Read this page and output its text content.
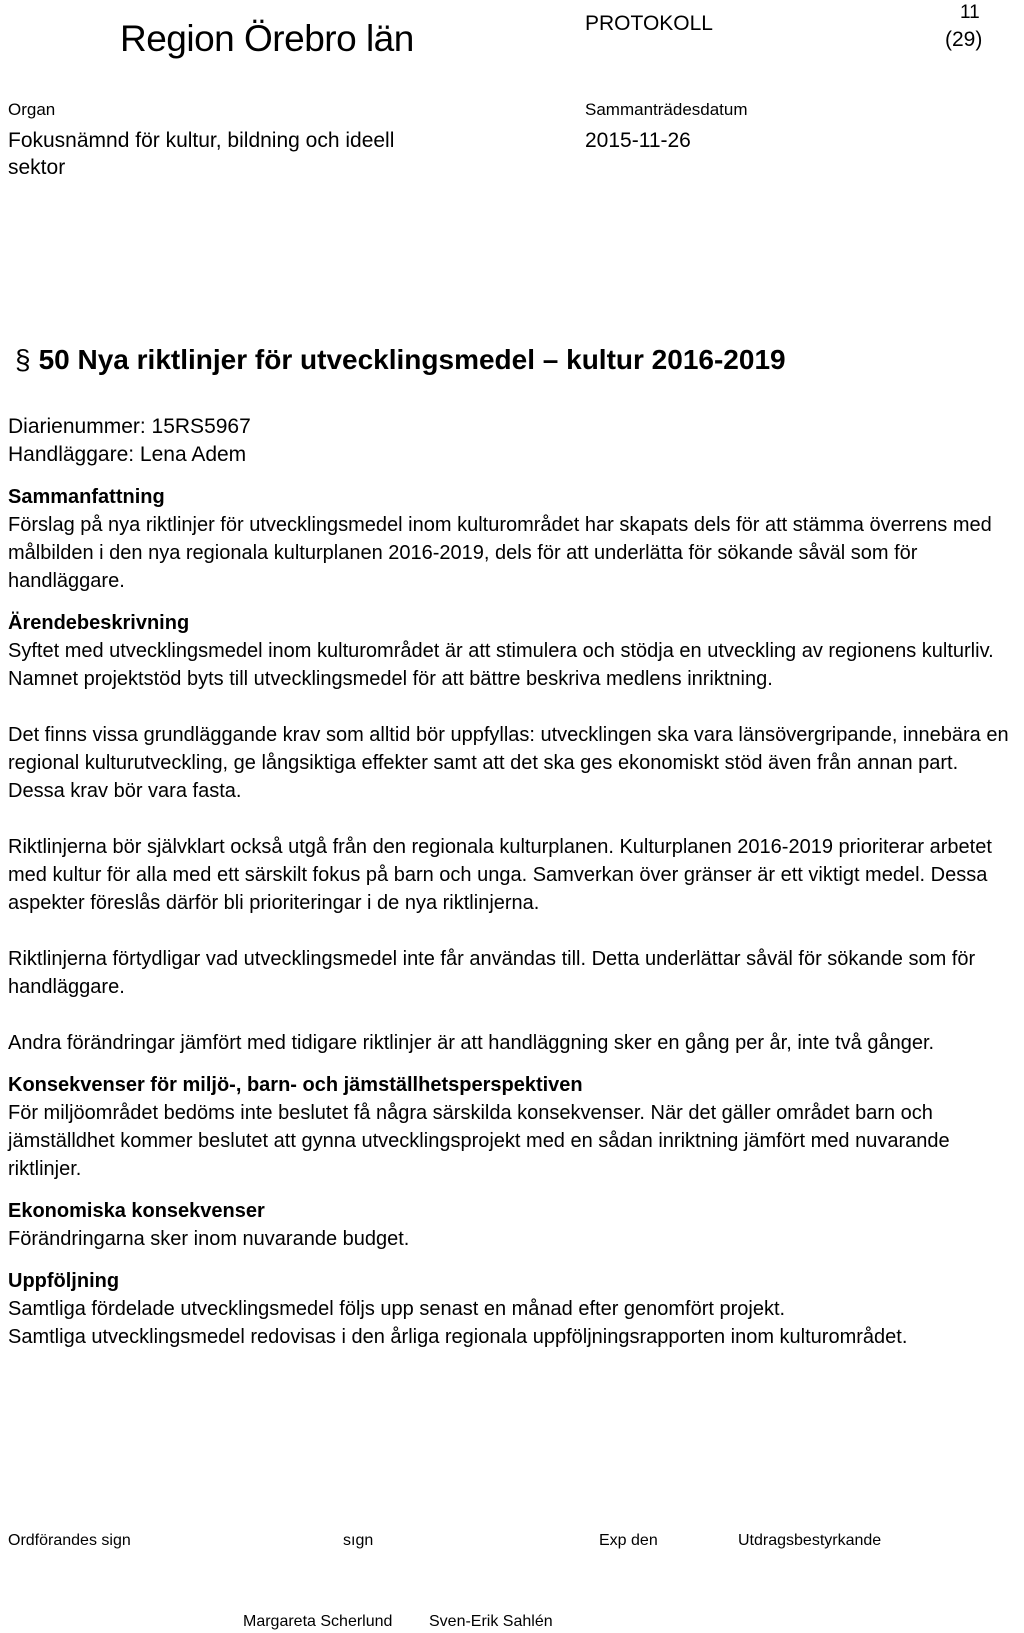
Region Örebro län	PROTOKOLL	11
(29)
Organ	Sammanträdesdatum
Fokusnämnd för kultur, bildning och ideell sektor
2015-11-26
§ 50 Nya riktlinjer för utvecklingsmedel – kultur 2016-2019
Diarienummer: 15RS5967
Handläggare: Lena Adem
Sammanfattning

Förslag på nya riktlinjer för utvecklingsmedel inom kulturområdet har skapats dels för att stämma överrens med målbilden i den nya regionala kulturplanen 2016-2019, dels för att underlätta för sökande såväl som för handläggare.

Ärendebeskrivning

Syftet med utvecklingsmedel inom kulturområdet är att stimulera och stödja en utveckling av regionens kulturliv. Namnet projektstöd byts till utvecklingsmedel för att bättre beskriva medlens inriktning.

Det finns vissa grundläggande krav som alltid bör uppfyllas: utvecklingen ska vara länsövergripande, innebära en regional kulturutveckling, ge långsiktiga effekter samt att det ska ges ekonomiskt stöd även från annan part. Dessa krav bör vara fasta.

Riktlinjerna bör självklart också utgå från den regionala kulturplanen. Kulturplanen 2016-2019 prioriterar arbetet med kultur för alla med ett särskilt fokus på barn och unga. Samverkan över gränser är ett viktigt medel. Dessa aspekter föreslås därför bli prioriteringar i de nya riktlinjerna.

Riktlinjerna förtydligar vad utvecklingsmedel inte får användas till. Detta underlättar såväl för sökande som för handläggare.

Andra förändringar jämfört med tidigare riktlinjer är att handläggning sker en gång per år, inte två gånger.

Konsekvenser för miljö-, barn- och jämställhetsperspektiven

För miljöområdet bedöms inte beslutet få några särskilda konsekvenser. När det gäller området barn och jämställdhet kommer beslutet att gynna utvecklingsprojekt med en sådan inriktning jämfört med nuvarande riktlinjer.

Ekonomiska konsekvenser

Förändringarna sker inom nuvarande budget.

Uppföljning

Samtliga fördelade utvecklingsmedel följs upp senast en månad efter genomfört projekt.

Samtliga utvecklingsmedel redovisas i den årliga regionala uppföljningsrapporten inom kulturområdet.

Ordförandes sign	sıgn	Exp den	Utdragsbestyrkande
Margareta Scherlund Sven-Erik Sahlén
